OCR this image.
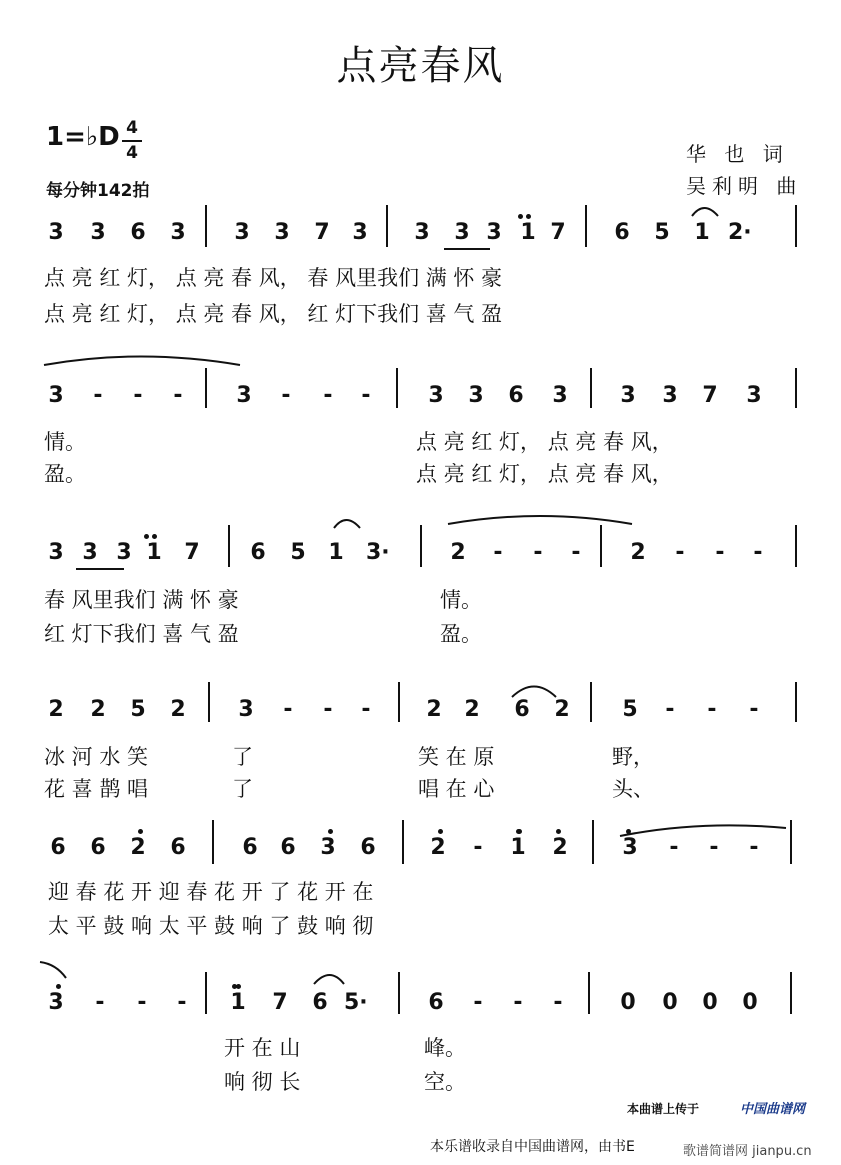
点亮春风
1=♭D 4
4
每分钟142拍
华 也 词
吴利明 曲
3 3 6 3 3 3 7 3 3 3 3 1 7 6 5 1 2·
3 - - - 3 - - -	3 3 6 3 3 3 7 3
3 3 3 1 7 6 5 1 3·	2 - - - 2 - - -
2 2 5 2 3 - - -	2 2 6 2 5 - - -
6 6 2 6	6 6 3 6 2 - 1 2 3 - - -
3 - - - 1 7 6 5·	6 - - -	0 0 0 0
点 亮 红 灯， 点 亮 春 风， 春 风里我们 满 怀 豪
点 亮 红 灯， 点 亮 春 风， 红 灯下我们 喜 气 盈
情。	点 亮 红 灯， 点 亮 春 风，
盈。	点 亮 红 灯， 点 亮 春 风，
春 风里我们 满 怀 豪	情。
红 灯下我们 喜 气 盈	盈。
冰 河 水 笑	了	笑 在 原	野，
花 喜 鹊 唱	了	唱 在 心	头、
迎 春 花 开 迎 春 花 开 了 花 开 在
太 平 鼓 响 太 平 鼓 响 了 鼓 响 彻
开 在 山	峰。
响 彻 长	空。
本曲谱上传于	中国曲谱网
本乐谱收录自中国曲谱网，由书E	歌谱简谱网 jianpu.cn
